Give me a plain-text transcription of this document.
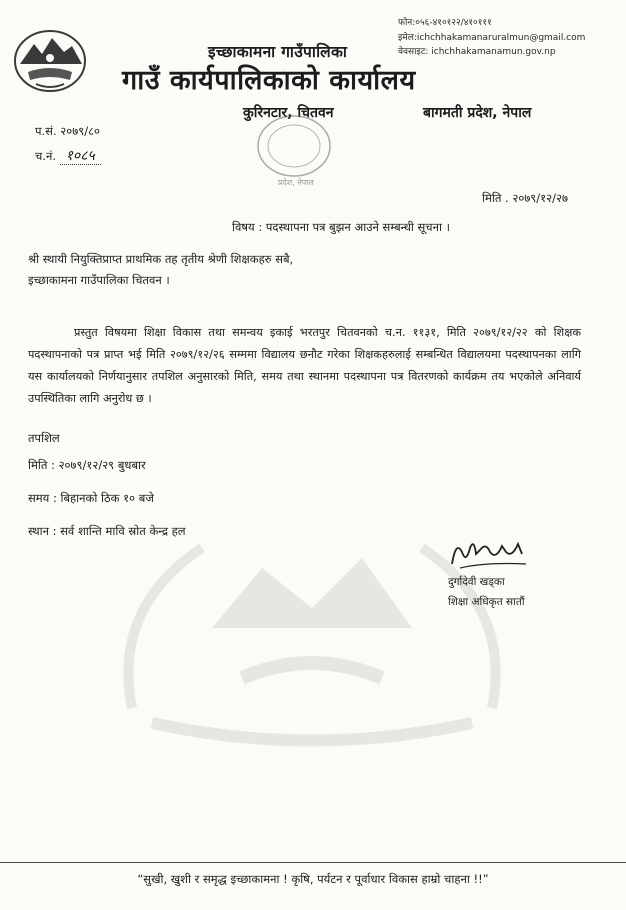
फोन:०५६-४१०१२२/४१०१११
इमेल:ichchhakamanaruralmun@gmail.com
वेवसाइट: ichchhakamanamun.gov.np
इच्छाकामना गाउँपालिका
गाउँ कार्यपालिकाको कार्यालय
कुरिनटार, चितवन	बागमती प्रदेश, नेपाल
प.सं. २०७९/८०
च.नं. १०८५
प्रदेश, नेपाल
मिति . २०७९/१२/२७
विषय : पदस्थापना पत्र बुझन आउने सम्बन्धी सूचना ।
श्री स्थायी नियुक्तिप्राप्त प्राथमिक तह तृतीय श्रेणी शिक्षकहरु सबै,
इच्छाकामना गाउँपालिका चितवन ।
प्रस्तुत विषयमा शिक्षा विकास तथा समन्वय इकाई भरतपुर चितवनको च.न. ११३१, मिति २०७९/१२/२२ को शिक्षक पदस्थापनाको पत्र प्राप्त भई मिति २०७९/१२/२६ सम्ममा विद्यालय छनौट गरेका शिक्षकहरुलाई सम्बन्धित विद्यालयमा पदस्थापनका लागि यस कार्यालयको निर्णयानुसार तपशिल अनुसारको मिति, समय तथा स्थानमा पदस्थापना पत्र वितरणको कार्यक्रम तय भएकोले अनिवार्य उपस्थितिका लागि अनुरोध छ ।
तपशिल
मिति : २०७९/१२/२९ बुधबार
समय : बिहानको ठिक १० बजे
स्थान : सर्व शान्ति मावि स्रोत केन्द्र हल
दुर्गादेवी खड्का
शिक्षा अधिकृत सातौं
“सुखी, खुशी र समृद्ध इच्छाकामना ! कृषि, पर्यटन र पूर्वाधार विकास हाम्रो चाहना !!”
